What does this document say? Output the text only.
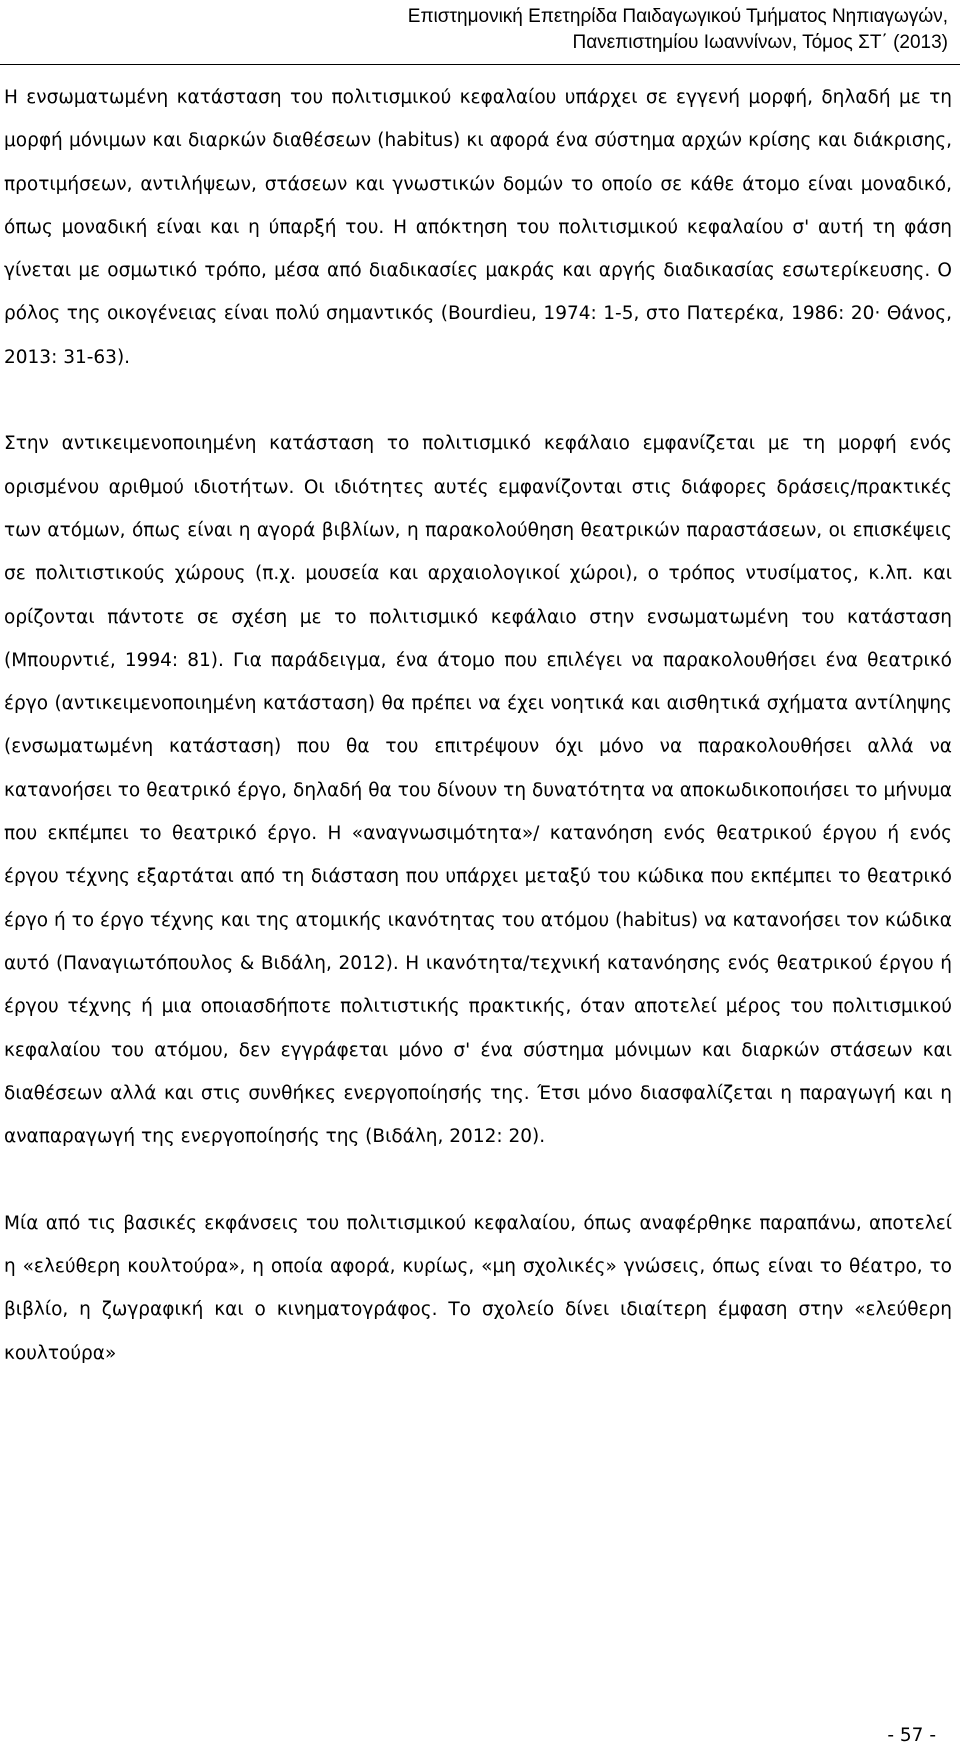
Επιστημονική Επετηρίδα Παιδαγωγικού Τμήματος Νηπιαγωγών,
Πανεπιστημίου Ιωαννίνων, Τόμος ΣΤ΄ (2013)

Η ενσωματωμένη κατάσταση του πολιτισμικού κεφαλαίου υπάρχει σε εγγενή μορφή, δηλαδή με τη μορφή μόνιμων και διαρκών διαθέσεων (habitus) κι αφορά ένα σύστημα αρχών κρίσης και διάκρισης, προτιμήσεων, αντιλήψεων, στάσεων και γνωστικών δομών το οποίο σε κάθε άτομο είναι μοναδικό, όπως μοναδική είναι και η ύπαρξή του. Η απόκτηση του πολιτισμικού κεφαλαίου σ' αυτή τη φάση γίνεται με οσμωτικό τρόπο, μέσα από διαδικασίες μακράς και αργής διαδικασίας εσωτερίκευσης. Ο ρόλος της οικογένειας είναι πολύ σημαντικός (Bourdieu, 1974: 1-5, στο Πατερέκα, 1986: 20· Θάνος, 2013: 31-63).

Στην αντικειμενοποιημένη κατάσταση το πολιτισμικό κεφάλαιο εμφανίζεται με τη μορφή ενός ορισμένου αριθμού ιδιοτήτων. Οι ιδιότητες αυτές εμφανίζονται στις διάφορες δράσεις/πρακτικές των ατόμων, όπως είναι η αγορά βιβλίων, η παρακολούθηση θεατρικών παραστάσεων, οι επισκέψεις σε πολιτιστικούς χώρους (π.χ. μουσεία και αρχαιολογικοί χώροι), ο τρόπος ντυσίματος, κ.λπ. και ορίζονται πάντοτε σε σχέση με το πολιτισμικό κεφάλαιο στην ενσωματωμένη του κατάσταση (Μπουρντιέ, 1994: 81). Για παράδειγμα, ένα άτομο που επιλέγει να παρακολουθήσει ένα θεατρικό έργο (αντικειμενοποιημένη κατάσταση) θα πρέπει να έχει νοητικά και αισθητικά σχήματα αντίληψης (ενσωματωμένη κατάσταση) που θα του επιτρέψουν όχι μόνο να παρακολουθήσει αλλά να κατανοήσει το θεατρικό έργο, δηλαδή θα του δίνουν τη δυνατότητα να αποκωδικοποιήσει το μήνυμα που εκπέμπει το θεατρικό έργο. Η «αναγνωσιμότητα»/ κατανόηση ενός θεατρικού έργου ή ενός έργου τέχνης εξαρτάται από τη διάσταση που υπάρχει μεταξύ του κώδικα που εκπέμπει το θεατρικό έργο ή το έργο τέχνης και της ατομικής ικανότητας του ατόμου (habitus) να κατανοήσει τον κώδικα αυτό (Παναγιωτόπουλος & Βιδάλη, 2012). Η ικανότητα/τεχνική κατανόησης ενός θεατρικού έργου ή έργου τέχνης ή μια οποιασδήποτε πολιτιστικής πρακτικής, όταν αποτελεί μέρος του πολιτισμικού κεφαλαίου του ατόμου, δεν εγγράφεται μόνο σ' ένα σύστημα μόνιμων και διαρκών στάσεων και διαθέσεων αλλά και στις συνθήκες ενεργοποίησής της. Έτσι μόνο διασφαλίζεται η παραγωγή και η αναπαραγωγή της ενεργοποίησής της (Βιδάλη, 2012: 20).

Μία από τις βασικές εκφάνσεις του πολιτισμικού κεφαλαίου, όπως αναφέρθηκε παραπάνω, αποτελεί η «ελεύθερη κουλτούρα», η οποία αφορά, κυρίως, «μη σχολικές» γνώσεις, όπως είναι το θέατρο, το βιβλίο, η ζωγραφική και ο κινηματογράφος. Το σχολείο δίνει ιδιαίτερη έμφαση στην «ελεύθερη κουλτούρα»

- 57 -
